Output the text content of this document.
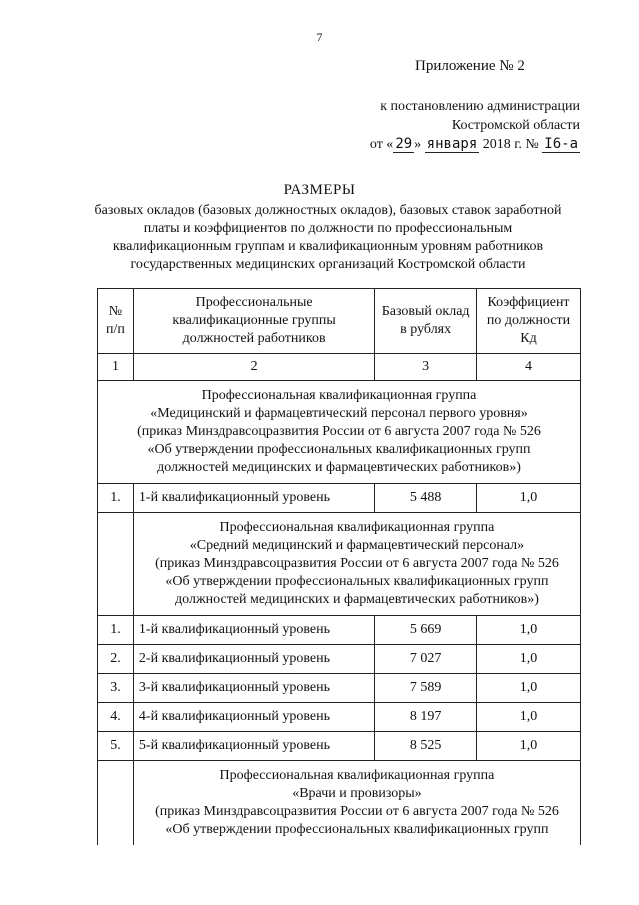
7
Приложение № 2
к постановлению администрации
Костромской области
от « 29 » января 2018 г. № I6-а
РАЗМЕРЫ
базовых окладов (базовых должностных окладов), базовых ставок заработной платы и коэффициентов по должности по профессиональным квалификационным группам и квалификационным уровням работников государственных медицинских организаций Костромской области
№ п/п	Профессиональные квалификационные группы должностей работников	Базовый оклад в рублях	Коэффициент по должности Кд
1	2	3	4

Профессиональная квалификационная группа
«Медицинский и фармацевтический персонал первого уровня»
(приказ Минздравсоцразвития России от 6 августа 2007 года № 526
«Об утверждении профессиональных квалификационных групп
должностей медицинских и фармацевтических работников»)			

1.	1-й квалификационный уровень	5 488	1,0

	Профессиональная квалификационная группа
«Средний медицинский и фармацевтический персонал»
(приказ Минздравсоцразвития России от 6 августа 2007 года № 526
«Об утверждении профессиональных квалификационных групп
должностей медицинских и фармацевтических работников»)		

1.	1-й квалификационный уровень	5 669	1,0
2.	2-й квалификационный уровень	7 027	1,0
3.	3-й квалификационный уровень	7 589	1,0
4.	4-й квалификационный уровень	8 197	1,0
5.	5-й квалификационный уровень	8 525	1,0

	Профессиональная квалификационная группа
«Врачи и провизоры»
(приказ Минздравсоцразвития России от 6 августа 2007 года № 526
«Об утверждении профессиональных квалификационных групп		
